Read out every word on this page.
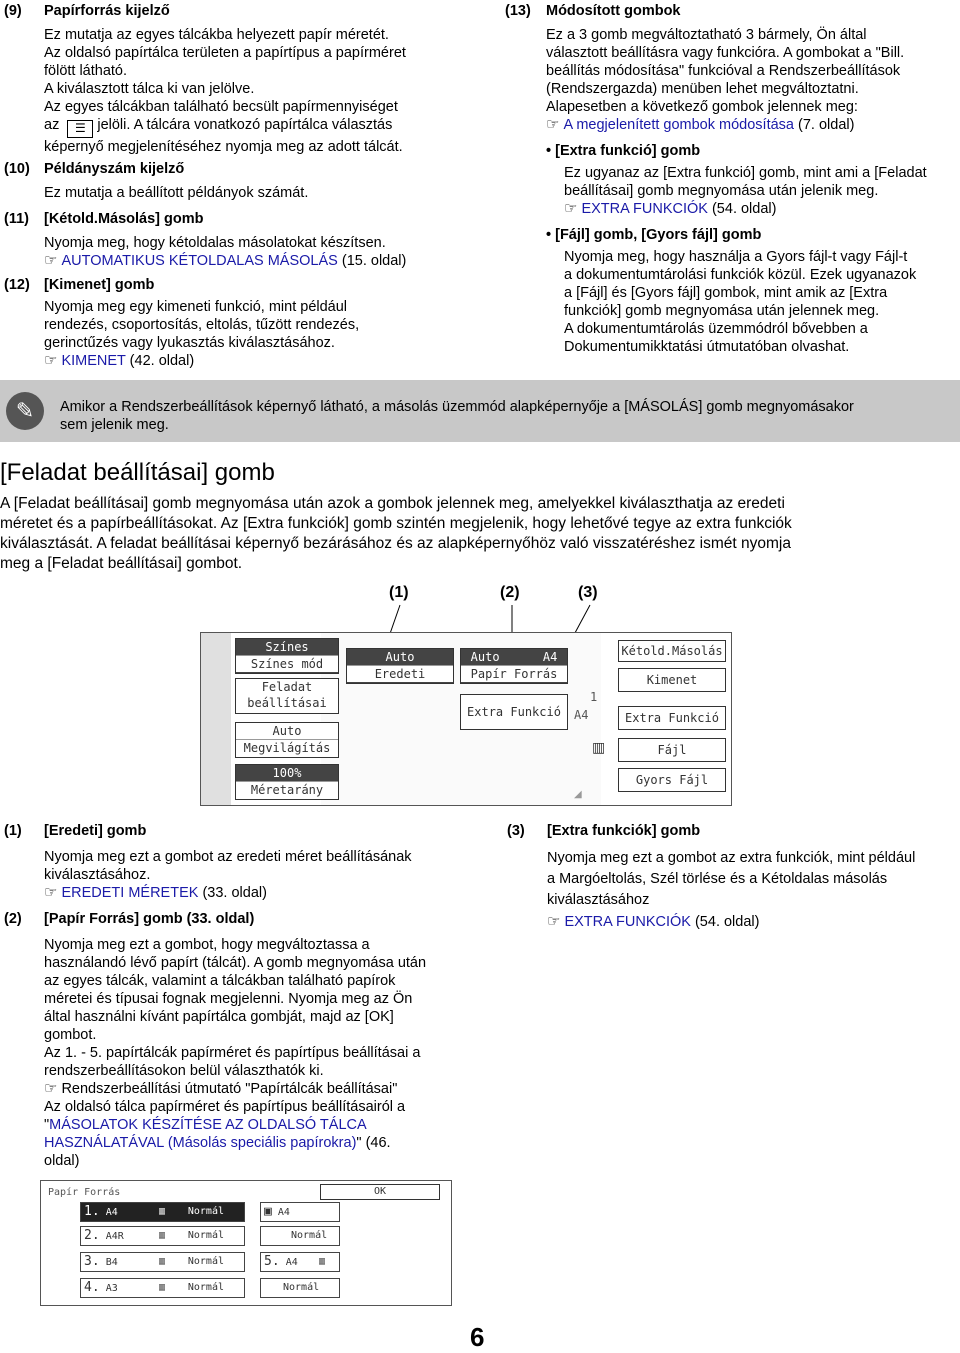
(9) Papírforrás kijelző

Ez mutatja az egyes tálcákba helyezett papír méretét.

Az oldalsó papírtálca területen a papírtípus a papírméret

fölött látható.

A kiválasztott tálca ki van jelölve.

Az egyes tálcákban található becsült papírmennyiséget

az ☰ jelöli. A tálcára vonatkozó papírtálca választás

képernyő megjelenítéséhez nyomja meg az adott tálcát.

(10) Példányszám kijelző

Ez mutatja a beállított példányok számát.

(11) [Kétold.Másolás] gomb

Nyomja meg, hogy kétoldalas másolatokat készítsen.

☞ AUTOMATIKUS KÉTOLDALAS MÁSOLÁS (15. oldal)

(12) [Kimenet] gomb

Nyomja meg egy kimeneti funkció, mint például

rendezés, csoportosítás, eltolás, tűzött rendezés,

gerinctűzés vagy lyukasztás kiválasztásához.

☞ KIMENET (42. oldal)

(13) Módosított gombok

Ez a 3 gomb megváltoztatható 3 bármely, Ön által

választott beállításra vagy funkcióra. A gombokat a "Bill.

beállítás módosítása" funkcióval a Rendszerbeállítások

(Rendszergazda) menüben lehet megváltoztatni.

Alapesetben a következő gombok jelennek meg:

☞ A megjelenített gombok módosítása (7. oldal)

• [Extra funkció] gomb

Ez ugyanaz az [Extra funkció] gomb, mint ami a [Feladat

beállításai] gomb megnyomása után jelenik meg.

☞ EXTRA FUNKCIÓK (54. oldal)

• [Fájl] gomb, [Gyors fájl] gomb

Nyomja meg, hogy használja a Gyors fájl-t vagy Fájl-t

a dokumentumtárolási funkciók közül. Ezek ugyanazok

a [Fájl] és [Gyors fájl] gombok, mint amik az [Extra

funkciók] gomb megnyomása után jelennek meg.

A dokumentumtárolás üzemmódról bővebben a

Dokumentumikktatási útmutatóban olvashat.

✎	Amikor a Rendszerbeállítások képernyő látható, a másolás üzemmód alapképernyője a [MÁSOLÁS] gomb megnyomásakor

sem jelenik meg.

[Feladat beállításai] gomb

A [Feladat beállításai] gomb megnyomása után azok a gombok jelennek meg, amelyekkel kiválaszthatja az eredeti

méretet és a papírbeállításokat. Az [Extra funkciók] gomb szintén megjelenik, hogy lehetővé tegye az extra funkciók

kiválasztását. A feladat beállításai képernyő bezárásához és az alapképernyőhöz való visszatéréshez ismét nyomja

meg a [Feladat beállításai] gombot.

(1)	(2)	(3)
Színes
Színes mód
Feladat
beállításai
Auto
Megvilágítás
100%
Méretarány
Auto
Eredeti
Auto      A4
Papír Forrás
Extra Funkció

1

A4

▥
◢
Kétold.Másolás
Kimenet
Extra Funkció
Fájl
Gyors Fájl
(1) [Eredeti] gomb

Nyomja meg ezt a gombot az eredeti méret beállításának

kiválasztásához.

☞ EREDETI MÉRETEK (33. oldal)

(2) [Papír Forrás] gomb (33. oldal)

Nyomja meg ezt a gombot, hogy megváltoztassa a

használandó lévő papírt (tálcát). A gomb megnyomása után

az egyes tálcák, valamint a tálcákban található papírok

méretei és típusai fognak megjelenni. Nyomja meg az Ön

által használni kívánt papírtálca gombját, majd az [OK]

gombot.

Az 1. - 5. papírtálcák papírméret és papírtípus beállításai a

rendszerbeállításokon belül választhatók ki.

☞ Rendszerbeállítási útmutató "Papírtálcák beállításai"

Az oldalsó tálca papírméret és papírtípus beállításairól a

"MÁSOLATOK KÉSZÍTÉSE AZ OLDALSÓ TÁLCA

HASZNÁLATÁVAL (Másolás speciális papírokra)" (46.

oldal)

(3) [Extra funkciók] gomb

Nyomja meg ezt a gombot az extra funkciók, mint például

a Margóeltolás, Szél törlése és a Kétoldalas másolás

kiválasztásához

☞ EXTRA FUNKCIÓK (54. oldal)

Papír Forrás	OK
1. A4	▥ Normál
2. A4R	▥ Normál
3. B4	▥ Normál
4. A3	▥ Normál
▣ A4
Normál
5. A4 ▥
Normál
6
